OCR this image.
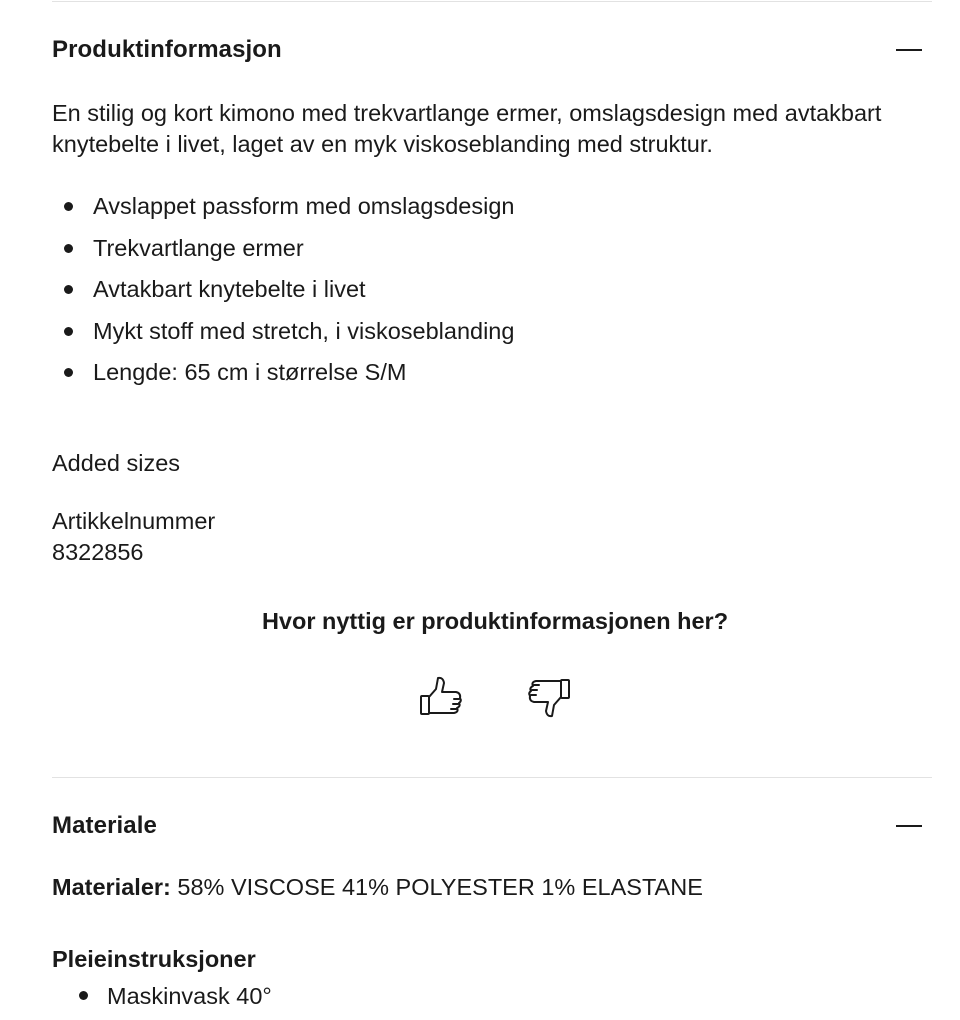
Produktinformasjon
En stilig og kort kimono med trekvartlange ermer, omslagsdesign med avtakbart knytebelte i livet, laget av en myk viskoseblanding med struktur.
Avslappet passform med omslagsdesign
Trekvartlange ermer
Avtakbart knytebelte i livet
Mykt stoff med stretch, i viskoseblanding
Lengde: 65 cm i størrelse S/M
Added sizes
Artikkelnummer
8322856
Hvor nyttig er produktinformasjonen her?
Materiale
Materialer: 58% VISCOSE 41% POLYESTER 1% ELASTANE
Pleieinstruksjoner
Maskinvask 40°
